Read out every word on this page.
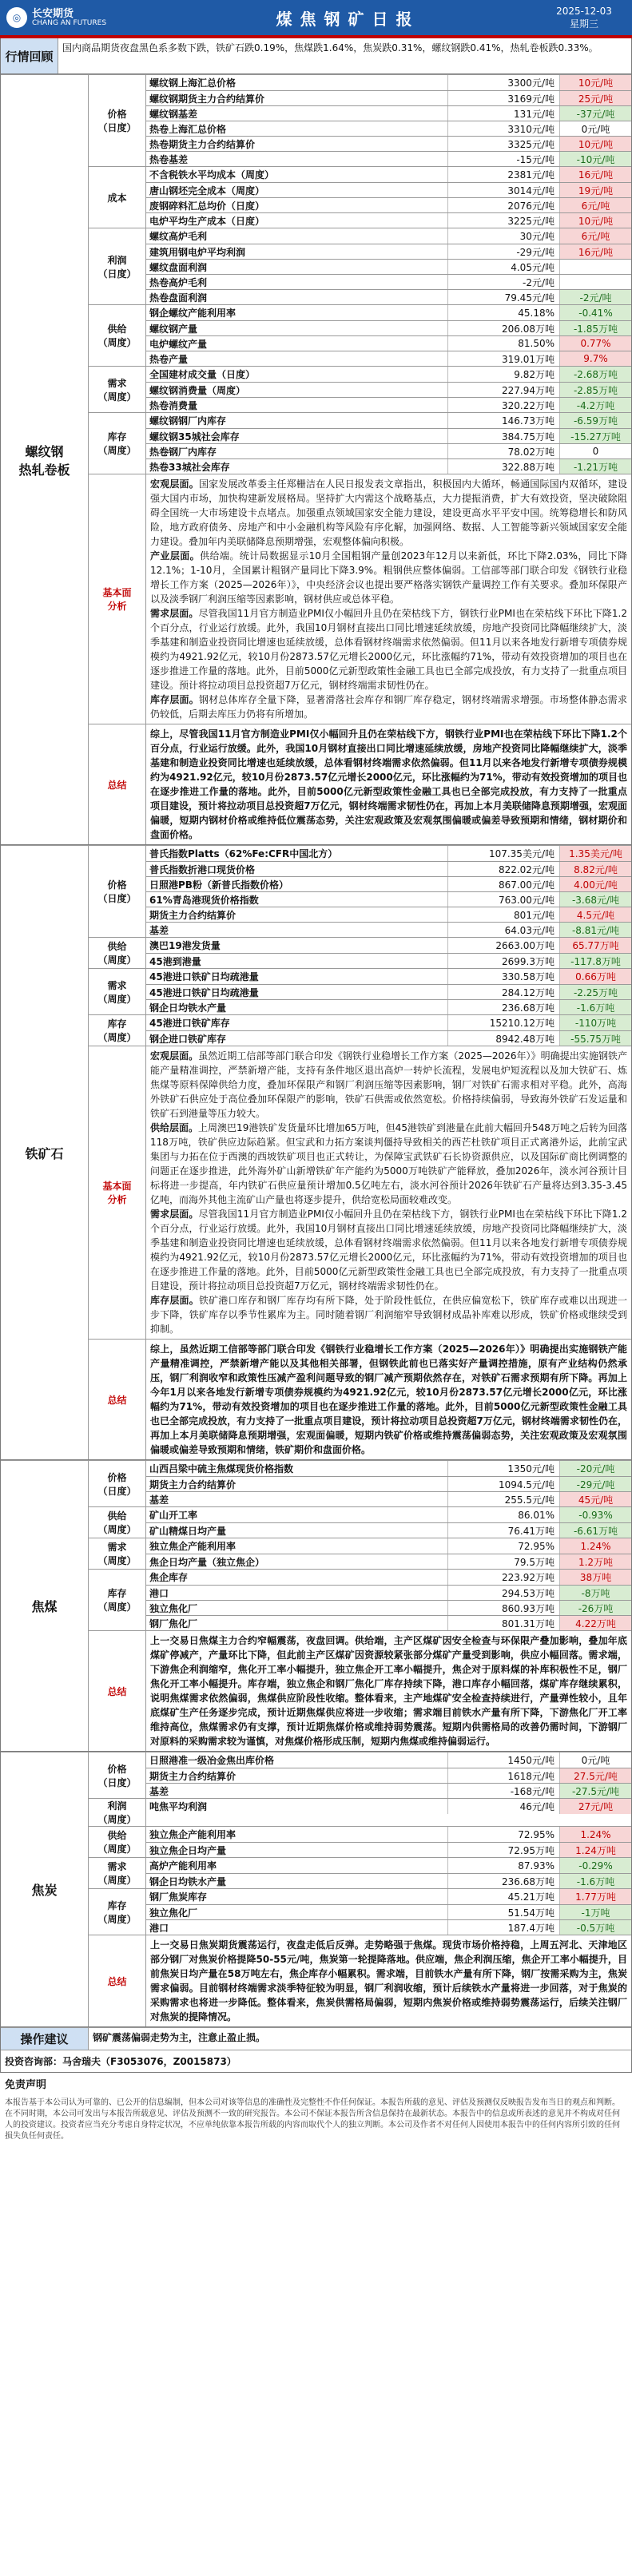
◎	长安期货
CHANG AN FUTURES	煤焦钢矿日报	2025-12-03
星期三
行情回顾
国内商品期货夜盘黑色系多数下跌，铁矿石跌0.19%，焦煤跌1.64%，焦炭跌0.31%，螺纹钢跌0.41%，热轧卷板跌0.33%。
螺纹钢
热轧卷板
价格
（日度）
螺纹钢上海汇总价格	3300元/吨	10元/吨
螺纹钢期货主力合约结算价	3169元/吨	25元/吨
螺纹钢基差	131元/吨	-37元/吨
热卷上海汇总价格	3310元/吨	0元/吨
热卷期货主力合约结算价	3325元/吨	10元/吨
热卷基差	-15元/吨	-10元/吨
成本
不含税铁水平均成本（周度）	2381元/吨	16元/吨
唐山钢坯完全成本（周度）	3014元/吨	19元/吨
废钢碎料汇总均价（日度）	2076元/吨	6元/吨
电炉平均生产成本（日度）	3225元/吨	10元/吨
利润
（日度）
螺纹高炉毛利	30元/吨	6元/吨
建筑用钢电炉平均利润	-29元/吨	16元/吨
螺纹盘面利润	4.05元/吨
热卷高炉毛利	-2元/吨
热卷盘面利润	79.45元/吨	-2元/吨
供给
（周度）
钢企螺纹产能利用率	45.18%	-0.41%
螺纹钢产量	206.08万吨	-1.85万吨
电炉螺纹产量	81.50%	0.77%
热卷产量	319.01万吨	9.7%
需求
（周度）
全国建材成交量（日度）	9.82万吨	-2.68万吨
螺纹钢消费量（周度）	227.94万吨	-2.85万吨
热卷消费量	320.22万吨	-4.2万吨
库存
（周度）
螺纹钢钢厂内库存	146.73万吨	-6.59万吨
螺纹钢35城社会库存	384.75万吨	-15.27万吨
热卷钢厂内库存	78.02万吨	0
热卷33城社会库存	322.88万吨	-1.21万吨
基本面
分析

宏观层面。国家发展改革委主任郑栅洁在人民日报发表文章指出，积极国内大循环，畅通国际国内双循环，建设强大国内市场，加快构建新发展格局。坚持扩大内需这个战略基点，大力提振消费，扩大有效投资，坚决破除阻碍全国统一大市场建设卡点堵点。加强重点领域国家安全能力建设，建设更高水平平安中国。统筹稳增长和防风险，地方政府债务、房地产和中小金融机构等风险有序化解，加强网络、数据、人工智能等新兴领域国家安全能力建设。叠加年内美联储降息预期增强，宏观整体偏向积极。

产业层面。供给端。统计局数据显示10月全国粗钢产量创2023年12月以来新低，环比下降2.03%，同比下降12.1%；1-10月，全国累计粗钢产量同比下降3.9%。粗钢供应整体偏弱。工信部等部门联合印发《钢铁行业稳增长工作方案（2025—2026年）》，中央经济会议也提出要严格落实钢铁产量调控工作有关要求。叠加环保限产以及淡季钢厂利润压缩等因素影响，钢材供应或总体平稳。

需求层面。尽管我国11月官方制造业PMI仅小幅回升且仍在荣枯线下方，钢铁行业PMI也在荣枯线下环比下降1.2个百分点，行业运行放缓。此外，我国10月钢材直接出口同比增速延续放缓，房地产投资同比降幅继续扩大，淡季基建和制造业投资同比增速也延续放缓，总体看钢材终端需求依然偏弱。但11月以来各地发行新增专项债券规模约为4921.92亿元，较10月份2873.57亿元增长2000亿元，环比涨幅约71%，带动有效投资增加的项目也在逐步推进工作量的落地。此外，目前5000亿元新型政策性金融工具也已全部完成投放，有力支持了一批重点项目建设。预计将拉动项目总投资超7万亿元，钢材终端需求韧性仍在。

库存层面。钢材总体库存全量下降，显著滑落社会库存和钢厂库存稳定，钢材终端需求增强。市场整体静态需求仍较低，后期去库压力仍将有所增加。

总结
综上，尽管我国11月官方制造业PMI仅小幅回升且仍在荣枯线下方，钢铁行业PMI也在荣枯线下环比下降1.2个百分点，行业运行放缓。此外，我国10月钢材直接出口同比增速延续放缓，房地产投资同比降幅继续扩大，淡季基建和制造业投资同比增速也延续放缓，总体看钢材终端需求依然偏弱。但11月以来各地发行新增专项债券规模约为4921.92亿元，较10月份2873.57亿元增长2000亿元，环比涨幅约为71%，带动有效投资增加的项目也在逐步推进工作量的落地。此外，目前5000亿元新型政策性金融工具也已全部完成投放，有力支持了一批重点项目建设，预计将拉动项目总投资超7万亿元，钢材终端需求韧性仍在，再加上本月美联储降息预期增强，宏观面偏暖，短期内钢材价格或维持低位震荡态势，关注宏观政策及宏观氛围偏暖或偏差导致预期和情绪，钢材期价和盘面价格。
铁矿石
价格
（日度）
普氏指数Platts（62%Fe:CFR中国北方）	107.35美元/吨	1.35美元/吨
普氏指数折港口现货价格	822.02元/吨	8.82元/吨
日照港PB粉（新普氏指数价格）	867.00元/吨	4.00元/吨
61%青岛港现货价格指数	763.00元/吨	-3.68元/吨
期货主力合约结算价	801元/吨	4.5元/吨
基差	64.03元/吨	-8.81元/吨
供给
（周度）
澳巴19港发货量	2663.00万吨	65.77万吨
45港到港量	2699.3万吨	-117.8万吨
需求
（周度）
45港进口铁矿日均疏港量	330.58万吨	0.66万吨
45港进口铁矿日均疏港量	284.12万吨	-2.25万吨
钢企日均铁水产量	236.68万吨	-1.6万吨
库存
（周度）
45港进口铁矿库存	15210.12万吨	-110万吨
钢企进口铁矿库存	8942.48万吨	-55.75万吨
基本面
分析

宏观层面。虽然近期工信部等部门联合印发《钢铁行业稳增长工作方案（2025—2026年）》明确提出实施钢铁产能产量精准调控，严禁新增产能，支持有条件地区退出高炉一转炉长流程，发展电炉短流程以及加大铁矿石、炼焦煤等原料保障供给力度，叠加环保限产和钢厂利润压缩等因素影响，钢厂对铁矿石需求相对平稳。此外，高海外铁矿石供应处于高位叠加环保限产的影响，铁矿石供需或依然宽松。价格持续偏弱，导致海外铁矿石发运量和铁矿石到港量等压力较大。

供给层面。上周澳巴19港铁矿发货量环比增加65万吨，但45港铁矿到港量在此前大幅回升548万吨之后转为回落118万吨，铁矿供应边际趋紧。但宝武和力拓方案谈判僵持导致相关的西芒杜铁矿项目正式离港外运，此前宝武集团与力拓在位于西澳的西坡铁矿项目也正式转让，为保障宝武铁矿石长协资源供应，以及国际矿商比例调整的问题正在逐步推进，此外海外矿山新增铁矿年产能约为5000万吨铁矿产能释放，叠加2026年，淡水河谷预计目标将进一步提高，年内铁矿石供应量预计增加0.5亿吨左右，淡水河谷预计2026年铁矿石产量将达到3.35-3.45亿吨，而海外其他主流矿山产量也将逐步提升，供给宽松局面较难改变。

需求层面。尽管我国11月官方制造业PMI仅小幅回升且仍在荣枯线下方，钢铁行业PMI也在荣枯线下环比下降1.2个百分点，行业运行放缓。此外，我国10月钢材直接出口同比增速延续放缓，房地产投资同比降幅继续扩大，淡季基建和制造业投资同比增速也延续放缓，总体看钢材终端需求依然偏弱。但11月以来各地发行新增专项债券规模约为4921.92亿元，较10月份2873.57亿元增长2000亿元，环比涨幅约为71%，带动有效投资增加的项目也在逐步推进工作量的落地。此外，目前5000亿元新型政策性金融工具也已全部完成投放，有力支持了一批重点项目建设，预计将拉动项目总投资超7万亿元，钢材终端需求韧性仍在。

库存层面。铁矿港口库存和钢厂库存均有所下降，处于阶段性低位，在供应偏宽松下，铁矿库存或难以出现进一步下降，铁矿库存以季节性累库为主。同时随着钢厂利润缩窄导致钢材成品补库难以形成，铁矿价格或继续受到抑制。

总结
综上，虽然近期工信部等部门联合印发《钢铁行业稳增长工作方案（2025—2026年）》明确提出实施钢铁产能产量精准调控，严禁新增产能以及其他相关部署，但钢铁此前也已落实好产量调控措施，原有产业结构仍然承压，钢厂利润收窄和政策性压减产盈利问题导致的钢厂减产预期依然存在，对铁矿石需求预期有所下降。再加上今年1月以来各地发行新增专项债券规模约为4921.92亿元，较10月份2873.57亿元增长2000亿元，环比涨幅约为71%，带动有效投资增加的项目也在逐步推进工作量的落地。此外，目前5000亿元新型政策性金融工具也已全部完成投放，有力支持了一批重点项目建设，预计将拉动项目总投资超7万亿元，钢材终端需求韧性仍在，再加上本月美联储降息预期增强，宏观面偏暖，短期内铁矿价格或维持震荡偏弱态势，关注宏观政策及宏观氛围偏暖或偏差导致预期和情绪，铁矿期价和盘面价格。
焦煤
价格
（日度）
山西吕梁中硫主焦煤现货价格指数	1350元/吨	-20元/吨
期货主力合约结算价	1094.5元/吨	-29元/吨
基差	255.5元/吨	45元/吨
供给
（周度）
矿山开工率	86.01%	-0.93%
矿山精煤日均产量	76.41万吨	-6.61万吨
需求
（周度）
独立焦企产能利用率	72.95%	1.24%
焦企日均产量（独立焦企）	79.5万吨	1.2万吨
库存
（周度）
焦企库存	223.92万吨	38万吨
港口	294.53万吨	-8万吨
独立焦化厂	860.93万吨	-26万吨
钢厂焦化厂	801.31万吨	4.22万吨
总结
上一交易日焦煤主力合约窄幅震荡，夜盘回调。供给端，主产区煤矿因安全检查与环保限产叠加影响，叠加年底煤矿停减产，产量环比下降，但此前主产区煤矿因资源较紧张部分煤矿产量受到影响，供应小幅回落。需求端，下游焦企利润缩窄，焦化开工率小幅提升，独立焦企开工率小幅提升，焦企对于原料煤的补库积极性不足，钢厂焦化开工率小幅提升。库存端，独立焦企和钢厂焦化厂库存持续下降，港口库存小幅回落，煤矿库存继续累积，说明焦煤需求依然偏弱，焦煤供应阶段性收缩。整体看来，主产地煤矿安全检查持续进行，产量弹性较小，且年底煤矿生产任务逐步完成，预计近期焦煤供应将进一步收缩；需求端目前铁水产量有所下降，下游焦化厂开工率维持高位，焦煤需求仍有支撑，预计近期焦煤价格或维持弱势震荡。短期内供需格局的改善仍需时间，下游钢厂对原料的采购需求较为谨慎，对焦煤价格形成压制，短期内焦煤或维持偏弱运行。
焦炭
价格
（日度）
日照港准一级冶金焦出库价格	1450元/吨	0元/吨
期货主力合约结算价	1618元/吨	27.5元/吨
基差	-168元/吨	-27.5元/吨
利润
（周度）
吨焦平均利润	46元/吨	27元/吨
供给
（周度）
独立焦企产能利用率	72.95%	1.24%
独立焦企日均产量	72.95万吨	1.24万吨
需求
（周度）
高炉产能利用率	87.93%	-0.29%
钢企日均铁水产量	236.68万吨	-1.6万吨
库存
（周度）
钢厂焦炭库存	45.21万吨	1.77万吨
独立焦化厂	51.54万吨	-1万吨
港口	187.4万吨	-0.5万吨
总结
上一交易日焦炭期货震荡运行，夜盘走低后反弹。走势略强于焦煤。现货市场价格持稳，上周五河北、天津地区部分钢厂对焦炭价格提降50-55元/吨，焦炭第一轮提降落地。供应端，焦企利润压缩，焦企开工率小幅提升，目前焦炭日均产量在58万吨左右，焦企库存小幅累积。需求端，目前铁水产量有所下降，钢厂按需采购为主，焦炭需求偏弱。目前钢材终端需求淡季特征较为明显，钢厂利润收缩，预计后续铁水产量将进一步回落，对于焦炭的采购需求也将进一步降低。整体看来，焦炭供需格局偏弱，短期内焦炭价格或维持弱势震荡运行，后续关注钢厂对焦炭的提降情况。
操作建议	钢矿震荡偏弱走势为主，注意止盈止损。
投资咨询部：马舍瑞夫（F3053076，Z0015873）
免责声明
本报告基于本公司认为可靠的、已公开的信息编制，但本公司对该等信息的准确性及完整性不作任何保证。本报告所载的意见、评估及预测仅反映报告发布当日的观点和判断。在不同时期，本公司可发出与本报告所载意见、评估及预测不一致的研究报告。本公司不保证本报告所含信息保持在最新状态。本报告中的信息或所表述的意见并不构成对任何人的投资建议。投资者应当充分考虑自身特定状况，不应单纯依靠本报告所载的内容而取代个人的独立判断。本公司及作者不对任何人因使用本报告中的任何内容所引致的任何损失负任何责任。
